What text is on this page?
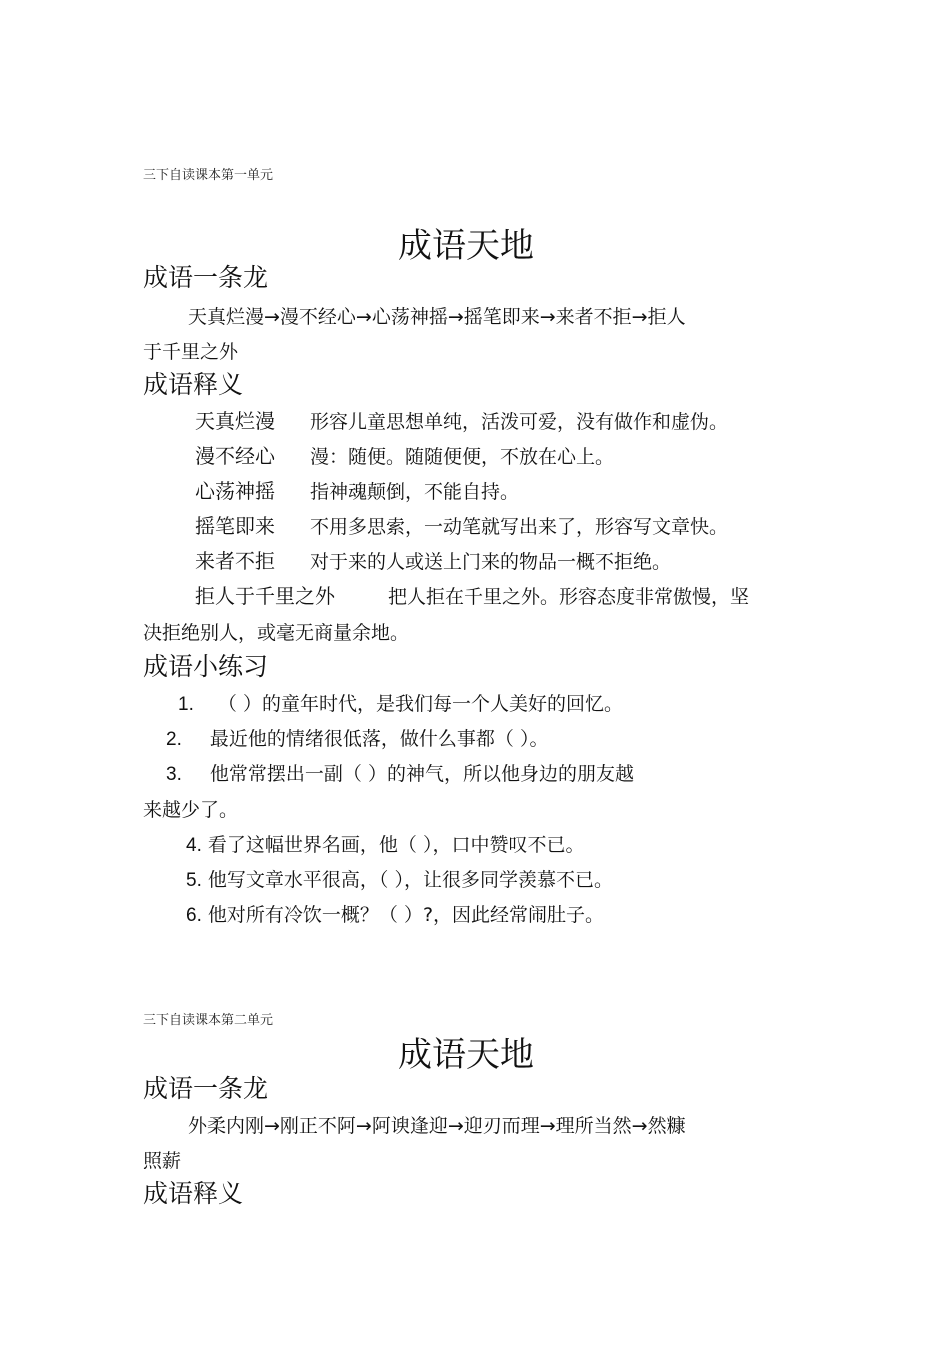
三下自读课本第一单元
成语天地
成语一条龙
天真烂漫→漫不经心→心荡神摇→摇笔即来→来者不拒→拒人
于千里之外
成语释义
天真烂漫 形容儿童思想单纯，活泼可爱，没有做作和虚伪。
漫不经心 漫：随便。随随便便，不放在心上。
心荡神摇 指神魂颠倒，不能自持。
摇笔即来 不用多思索，一动笔就写出来了，形容写文章快。
来者不拒 对于来的人或送上门来的物品一概不拒绝。
拒人于千里之外	把人拒在千里之外。形容态度非常傲慢，坚
决拒绝别人，或毫无商量余地。
成语小练习
1. （ ）的童年时代，是我们每一个人美好的回忆。
2. 最近他的情绪很低落，做什么事都（ ）。
3. 他常常摆出一副（ ）的神气，所以他身边的朋友越
来越少了。
4. 看了这幅世界名画，他（ ），口中赞叹不已。
5. 他写文章水平很高，（ ），让很多同学羡慕不已。
6. 他对所有冷饮一概？（ ）?，因此经常闹肚子。
三下自读课本第二单元
成语天地
成语一条龙
外柔内刚→刚正不阿→阿谀逢迎→迎刃而理→理所当然→然糠
照薪
成语释义
